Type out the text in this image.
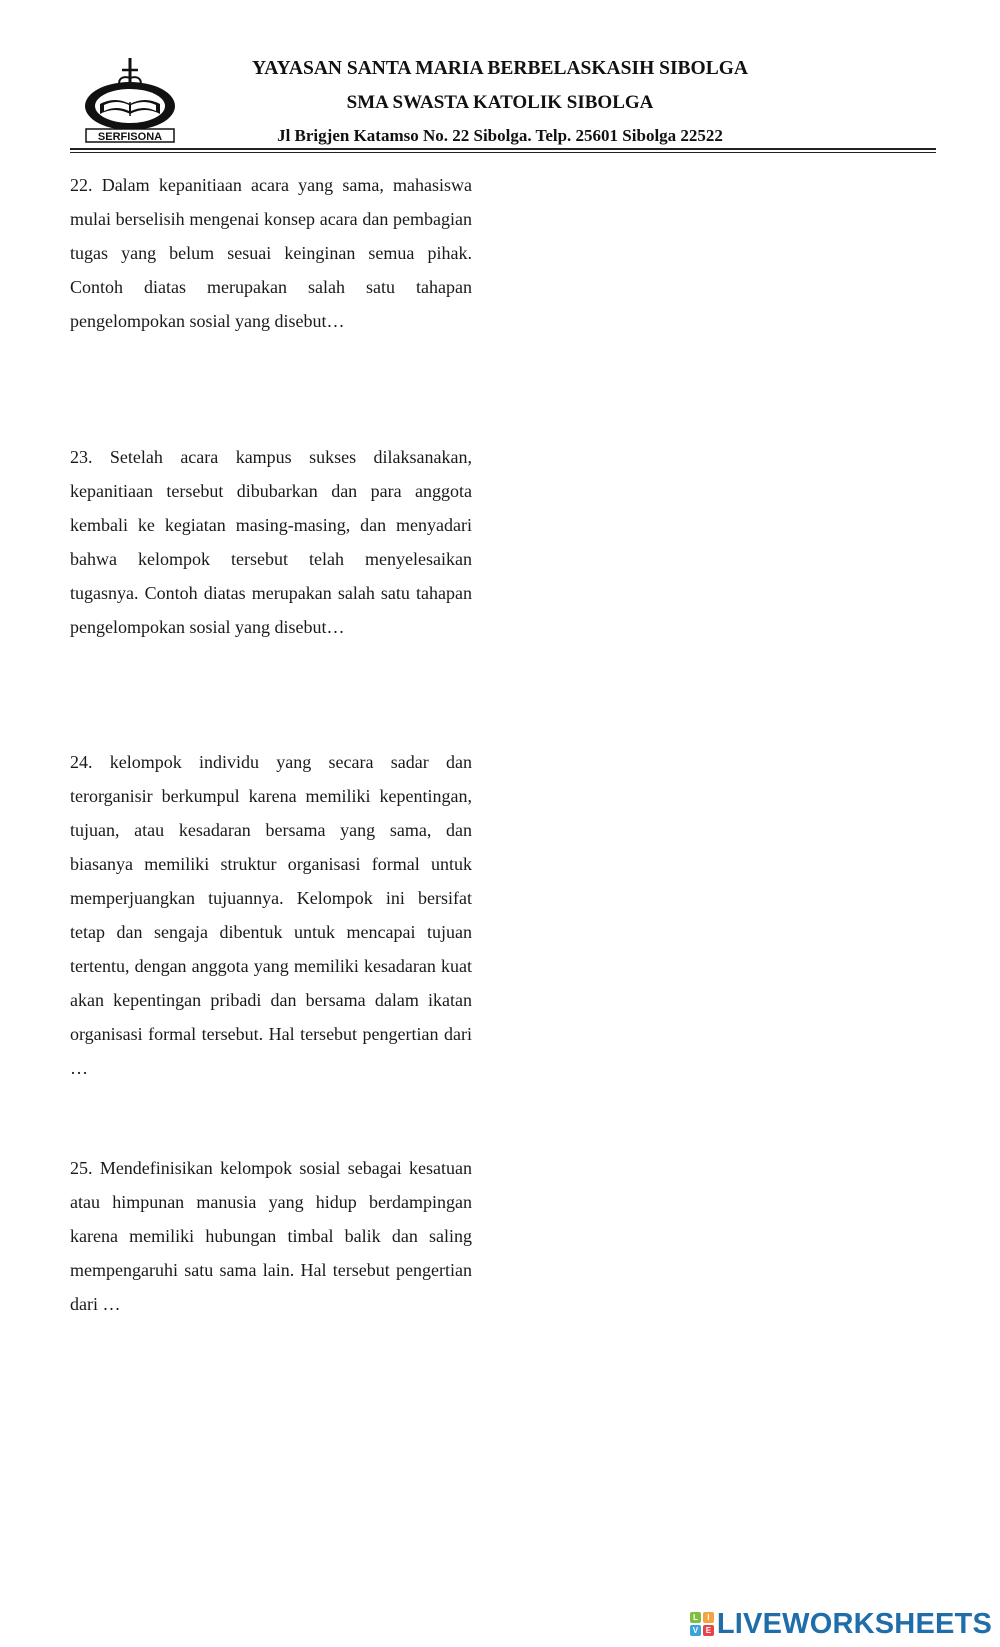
SERFISONA
YAYASAN SANTA MARIA BERBELASKASIH SIBOLGA
SMA SWASTA KATOLIK SIBOLGA
Jl Brigjen Katamso No. 22 Sibolga. Telp. 25601 Sibolga 22522
22. Dalam kepanitiaan acara yang sama, mahasiswa mulai berselisih mengenai konsep acara dan pembagian tugas yang belum sesuai keinginan semua pihak. Contoh diatas merupakan salah satu tahapan pengelompokan sosial yang disebut…
23. Setelah acara kampus sukses dilaksanakan, kepanitiaan tersebut dibubarkan dan para anggota kembali ke kegiatan masing-masing, dan menyadari bahwa kelompok tersebut telah menyelesaikan tugasnya. Contoh diatas merupakan salah satu tahapan pengelompokan sosial yang disebut…
24. kelompok individu yang secara sadar dan terorganisir berkumpul karena memiliki kepentingan, tujuan, atau kesadaran bersama yang sama, dan biasanya memiliki struktur organisasi formal untuk memperjuangkan tujuannya. Kelompok ini bersifat tetap dan sengaja dibentuk untuk mencapai tujuan tertentu, dengan anggota yang memiliki kesadaran kuat akan kepentingan pribadi dan bersama dalam ikatan organisasi formal tersebut. Hal tersebut pengertian dari …
25. Mendefinisikan kelompok sosial sebagai kesatuan atau himpunan manusia yang hidup berdampingan karena memiliki hubungan timbal balik dan saling mempengaruhi satu sama lain. Hal tersebut pengertian dari …
L	I
V E LIVEWORKSHEETS
